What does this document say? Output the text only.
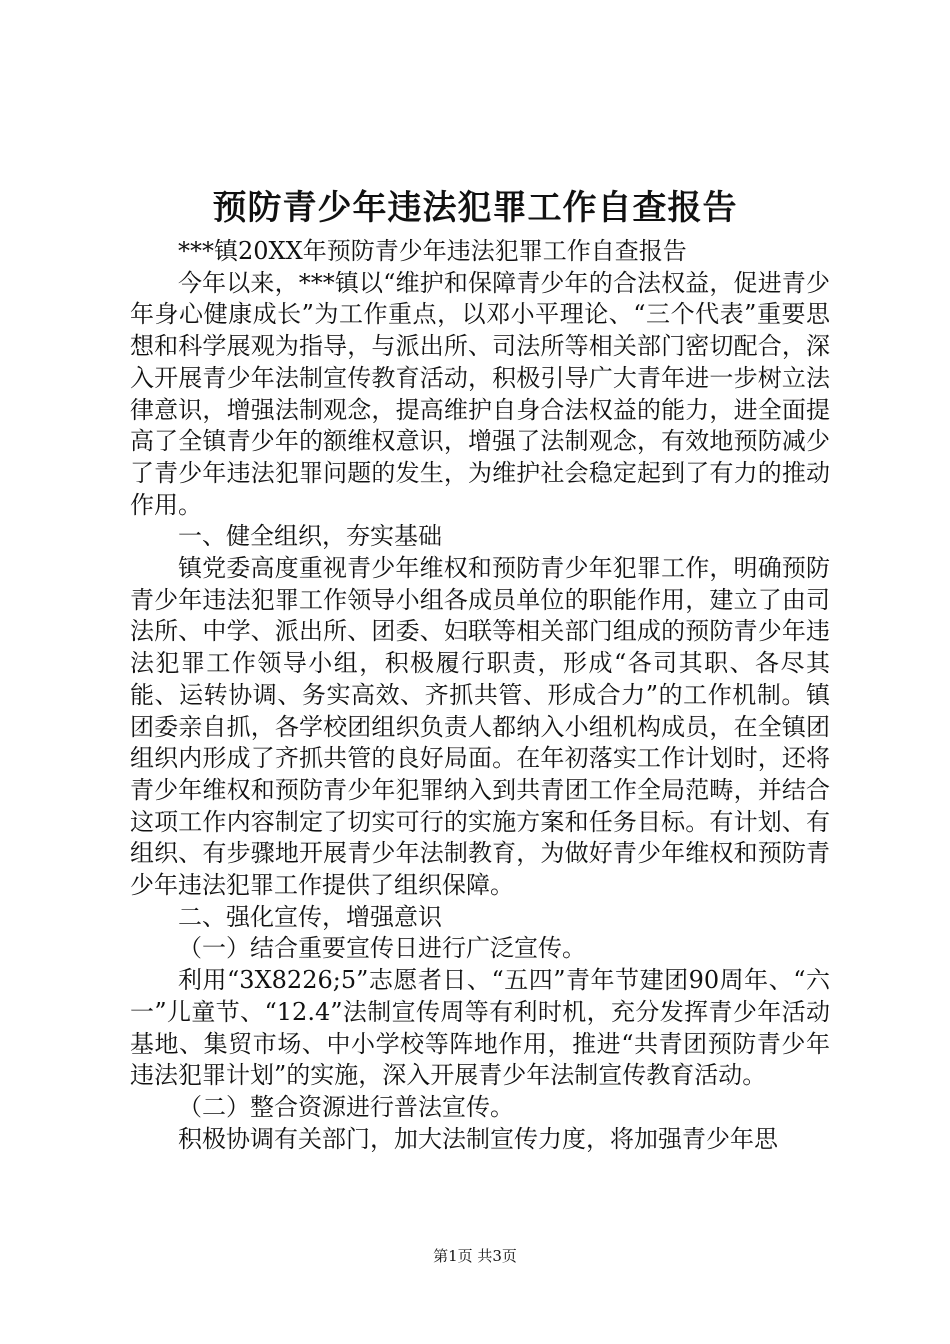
预防青少年违法犯罪工作自查报告

***镇20XX年预防青少年违法犯罪工作自查报告

今年以来，***镇以“维护和保障青少年的合法权益，促进青少年身心健康成长”为工作重点，以邓小平理论、“三个代表”重要思想和科学展观为指导，与派出所、司法所等相关部门密切配合，深入开展青少年法制宣传教育活动，积极引导广大青年进一步树立法律意识，增强法制观念，提高维护自身合法权益的能力，进全面提高了全镇青少年的额维权意识，增强了法制观念，有效地预防减少了青少年违法犯罪问题的发生，为维护社会稳定起到了有力的推动作用。

一、健全组织，夯实基础

镇党委高度重视青少年维权和预防青少年犯罪工作，明确预防青少年违法犯罪工作领导小组各成员单位的职能作用，建立了由司法所、中学、派出所、团委、妇联等相关部门组成的预防青少年违法犯罪工作领导小组，积极履行职责，形成“各司其职、各尽其能、运转协调、务实高效、齐抓共管、形成合力”的工作机制。镇团委亲自抓，各学校团组织负责人都纳入小组机构成员，在全镇团组织内形成了齐抓共管的良好局面。在年初落实工作计划时，还将青少年维权和预防青少年犯罪纳入到共青团工作全局范畴，并结合这项工作内容制定了切实可行的实施方案和任务目标。有计划、有组织、有步骤地开展青少年法制教育，为做好青少年维权和预防青少年违法犯罪工作提供了组织保障。

二、强化宣传，增强意识

（一）结合重要宣传日进行广泛宣传。

利用“3X8226;5”志愿者日、“五四”青年节建团90周年、“六一”儿童节、“12.4”法制宣传周等有利时机，充分发挥青少年活动基地、集贸市场、中小学校等阵地作用，推进“共青团预防青少年违法犯罪计划”的实施，深入开展青少年法制宣传教育活动。

（二）整合资源进行普法宣传。

积极协调有关部门，加大法制宣传力度，将加强青少年思

第1页 共3页
